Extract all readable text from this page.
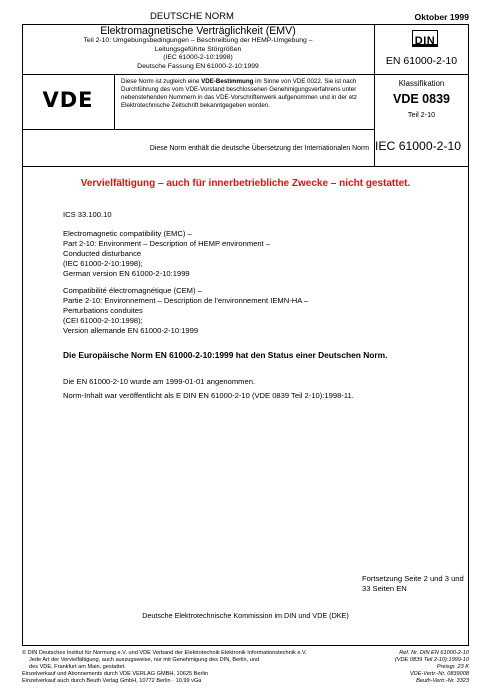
DEUTSCHE NORM	Oktober 1999
Elektromagnetische Verträglichkeit (EMV)
Teil 2-10: Umgebungsbedingungen – Beschreibung der HEMP-Umgebung –
Leitungsgeführte Störgrößen
(IEC 61000-2-10:1998)
Deutsche Fassung EN 61000-2-10:1999
DIN
EN 61000-2-10
VDE
Diese Norm ist zugleich eine VDE-Bestimmung im Sinne von VDE 0022. Sie ist nach Durchführung des vom VDE-Vorstand beschlossenen Genehmigungsverfahrens unter nebenstehenden Nummern in das VDE-Vorschriftenwerk aufgenommen und in der etz Elektrotechnische Zeitschrift bekanntgegeben worden.
Klassifikation
VDE 0839
Teil 2-10
Diese Norm enthält die deutsche Übersetzung der Internationalen Norm IEC 61000-2-10
Vervielfältigung – auch für innerbetriebliche Zwecke – nicht gestattet.
ICS 33.100.10
Electromagnetic compatibility (EMC) –
Part 2-10: Environment – Description of HEMP environment –
Conducted disturbance
(IEC 61000-2-10:1998);
German version EN 61000-2-10:1999
Compatibilité électromagnétique (CEM) –
Partie 2-10: Environnement – Description de l’environnement IEMN-HA –
Perturbations conduites
(CEI 61000-2-10:1998);
Version allemande EN 61000-2-10:1999
Die Europäische Norm EN 61000-2-10:1999 hat den Status einer Deutschen Norm.
Die EN 61000-2-10 wurde am 1999-01-01 angenommen.
Norm-Inhalt war veröffentlicht als E DIN EN 61000-2-10 (VDE 0839 Teil 2-10):1998-11.
Fortsetzung Seite 2 und 3 und
33 Seiten EN
Deutsche Elektrotechnische Kommission im DIN und VDE (DKE)
© DIN Deutsches Institut für Normung e.V. und VDE Verband der Elektrotechnik Elektronik Informationstechnik e.V.
Jede Art der Vervielfältigung, auch auszugsweise, nur mit Genehmigung des DIN, Berlin, und
des VDE, Frankfurt am Main, gestattet.
Einzelverkauf und Abonnements durch VDE VERLAG GMBH, 10625 Berlin
Einzelverkauf auch durch Beuth Verlag GmbH, 10772 Berlin · 10.99 vGa
Ref. Nr. DIN EN 61000-2-10
(VDE 0839 Teil 2-10):1999-10
Preisgr. 23 K
VDE-Vertr.-Nr. 0839008
Beuth-Vertr.-Nr. 3323
